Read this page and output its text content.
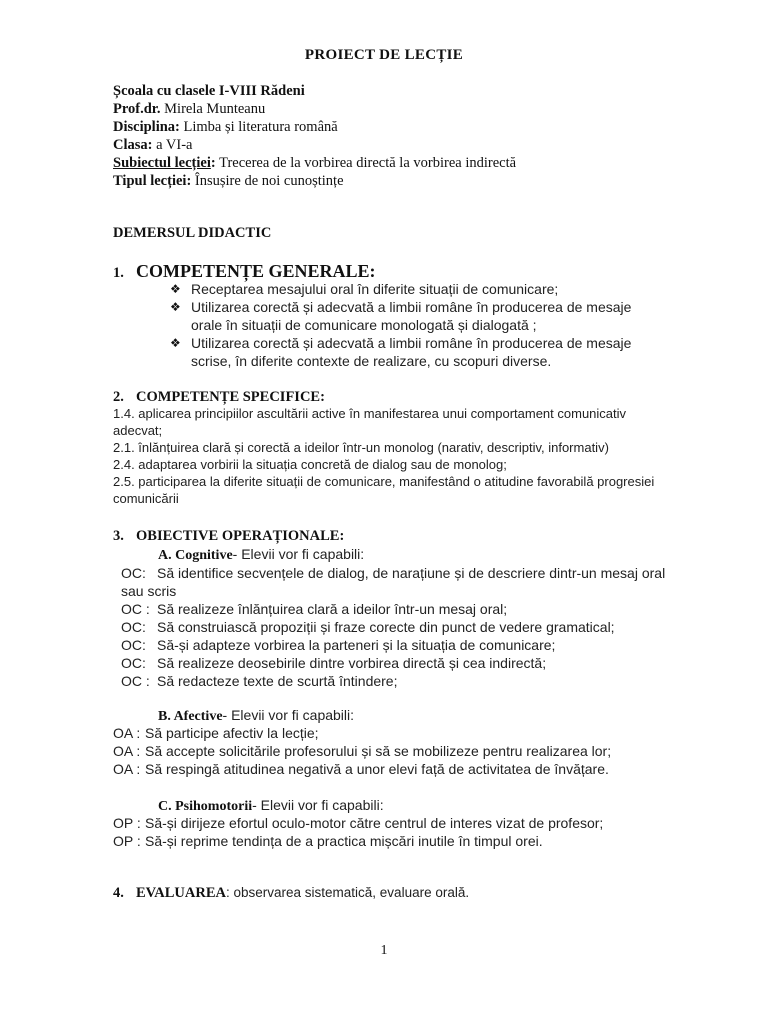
PROIECT DE LECȚIE
Școala cu clasele I-VIII Rădeni
Prof.dr. Mirela Munteanu
Disciplina: Limba și literatura română
Clasa: a VI-a
Subiectul lecției: Trecerea de la vorbirea directă la vorbirea indirectă
Tipul lecției: Însușire de noi cunoștințe
DEMERSUL DIDACTIC
1. COMPETENȚE GENERALE:
❖ Receptarea mesajului oral în diferite situații de comunicare;
❖ Utilizarea corectă și adecvată a limbii române în producerea de mesaje orale în situații de comunicare monologată și dialogată ;
❖ Utilizarea corectă și adecvată a limbii române în producerea de mesaje scrise, în diferite contexte de realizare, cu scopuri diverse.
2. COMPETENȚE SPECIFICE:
1.4. aplicarea principiilor ascultării active în manifestarea unui comportament comunicativ adecvat;
2.1. înlănțuirea clară și corectă a ideilor într-un monolog (narativ, descriptiv, informativ)
2.4. adaptarea vorbirii la situația concretă de dialog sau de monolog;
2.5. participarea la diferite situații de comunicare, manifestând o atitudine favorabilă progresiei comunicării
3. OBIECTIVE OPERAȚIONALE:
A. Cognitive- Elevii vor fi capabili:
OC: Să identifice secvențele de dialog, de narațiune și de descriere dintr-un mesaj oral sau scris
OC : Să realizeze înlănțuirea clară a ideilor într-un mesaj oral;
OC: Să construiască propoziții și fraze corecte din punct de vedere gramatical;
OC: Să-și adapteze vorbirea la parteneri și la situația de comunicare;
OC: Să realizeze deosebirile dintre vorbirea directă și cea indirectă;
OC : Să redacteze texte de scurtă întindere;
B. Afective- Elevii vor fi capabili:
OA : Să participe afectiv la lecție;
OA : Să accepte solicitările profesorului și să se mobilizeze pentru realizarea lor;
OA : Să respingă atitudinea negativă a unor elevi față de activitatea de învățare.
C. Psihomotorii- Elevii vor fi capabili:
OP : Să-și dirijeze efortul oculo-motor către centrul de interes vizat de profesor;
OP : Să-și reprime tendința de a practica mișcări inutile în timpul orei.
4. EVALUAREA: observarea sistematică, evaluare orală.
1
